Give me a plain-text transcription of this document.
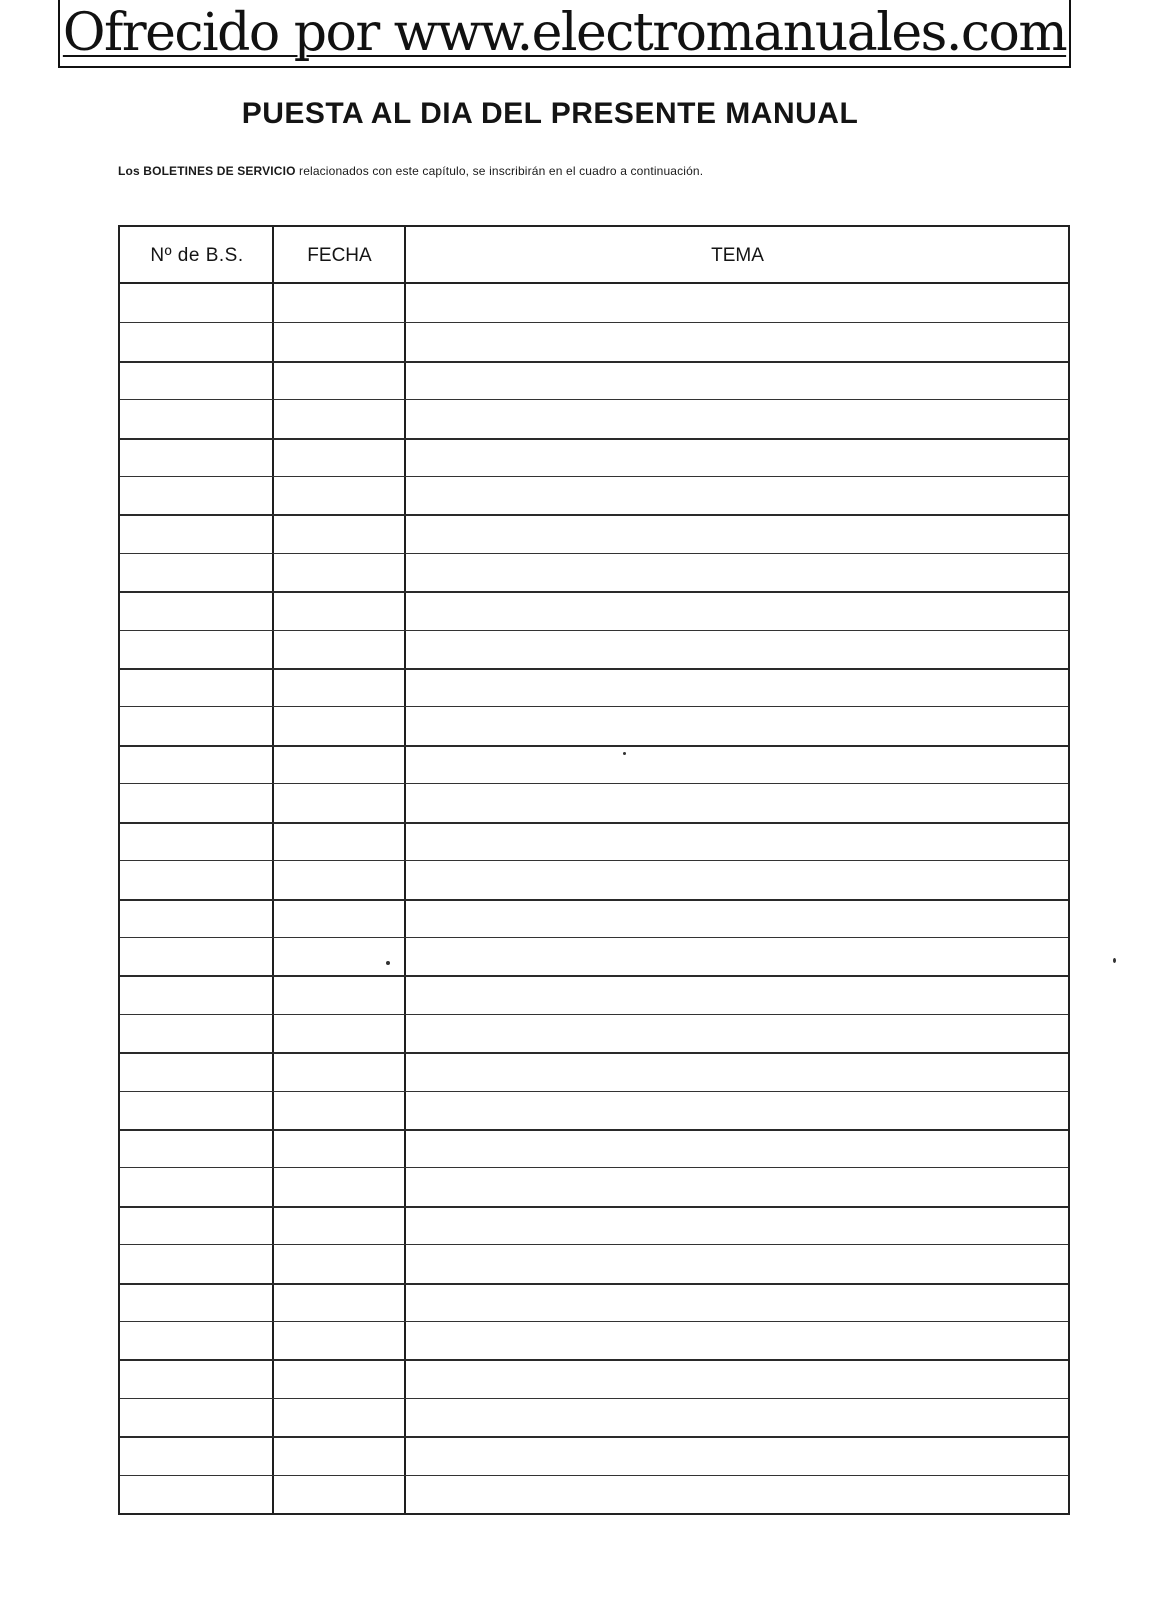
Ofrecido por www.electromanuales.com
PUESTA AL DIA DEL PRESENTE MANUAL
Los BOLETINES DE SERVICIO relacionados con este capítulo, se inscribirán en el cuadro a continuación.
Nº de B.S.	FECHA	TEMA
